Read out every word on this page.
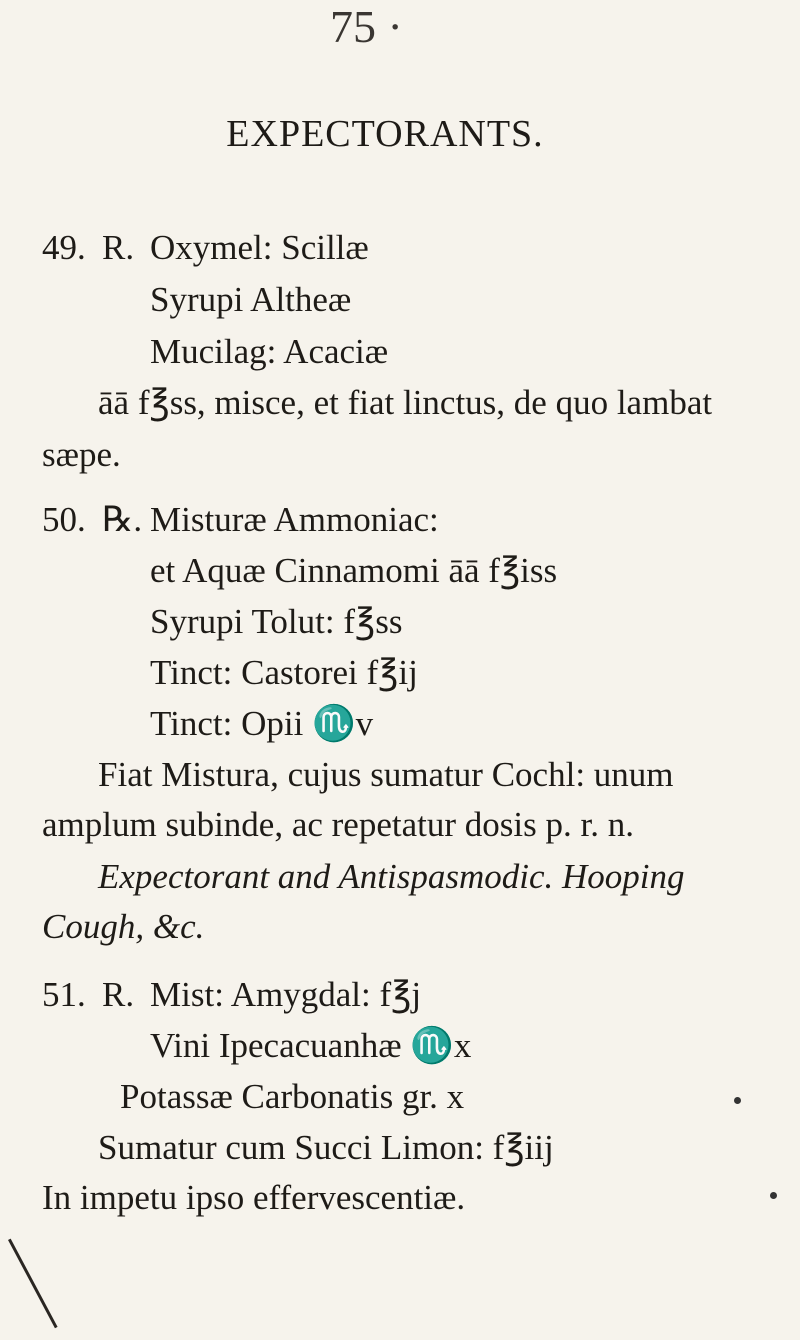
75 ·
EXPECTORANTS.
49. R. Oxymel: Scillæ
Syrupi Altheæ
Mucilag: Acaciæ
āā f℥ss, misce, et fiat linctus, de quo lambat
sæpe.
50. ℞. Misturæ Ammoniac:
et Aquæ Cinnamomi āā f℥iss
Syrupi Tolut: f℥ss
Tinct: Castorei f℥ij
Tinct: Opii ♏v
Fiat Mistura, cujus sumatur Cochl: unum
amplum subinde, ac repetatur dosis p. r. n.
Expectorant and Antispasmodic. Hooping
Cough, &c.
51. R. Mist: Amygdal: f℥j
Vini Ipecacuanhæ ♏x
Potassæ Carbonatis gr. x
Sumatur cum Succi Limon: f℥iij
In impetu ipso effervescentiæ.
